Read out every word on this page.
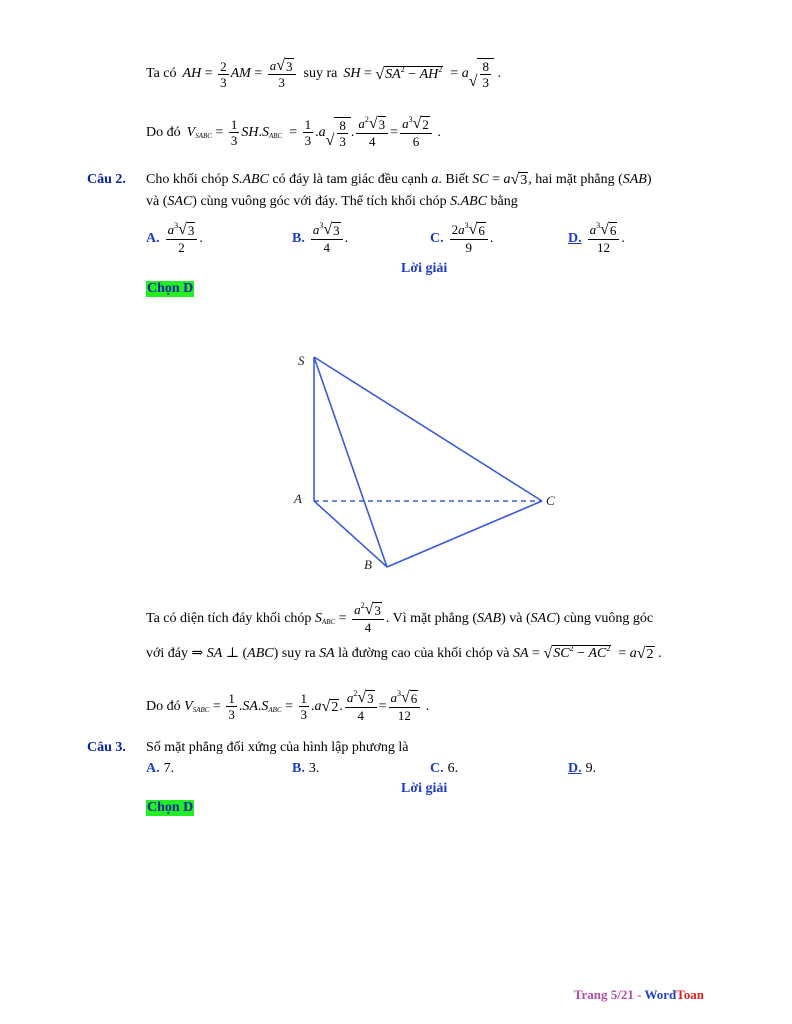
Ta có AH = $\frac{2}{3}$ AM = $\frac{a √ 3}{3}$ suy ra SH = √ $SA^2 - AH^2 = a$ √ $\frac{8}{3}$ .
Do đó V SABC = $\frac{1}{3}$ SH . S ABC = $\frac{1}{3}$ . a √ $\frac{8}{3}$ . $\frac{a^2 √ 3}{4} = \frac{a^3 √ 2}{6}$ .
Câu 2. Cho khối chóp
S.ABC
có đáy là tam giác đều cạnh
a . Biết
SC = a √ 3 , hai mặt phẳng ( SAB )
và ( SAC ) cùng vuông góc với đáy. Thể tích khối chóp
S.ABC
bằng
A. $\frac{a^3 √ 3}{2}$ .	B. $\frac{a^3 √ 3}{4}$ .	C. $\frac{2a^3 √ 6}{9}$ .	D. $\frac{a^3 √ 6}{12}$ .
Lời giải
Chọn D
S
A
B
C
Ta có diện tích đáy khối chóp
S ABC = $\frac{a^2 √ 3}{4}$ . Vì mặt phẳng ( SAB ) và ( SAC ) cùng vuông góc
với đáy ⇒ SA ⊥ ( ABC ) suy ra
SA
là đường cao của khối chóp và
SA = √ $SC^2 - AC^2 = a$ √ 2 .
Do đó
V SABC = $\frac{1}{3}$ . SA . S ABC = $\frac{1}{3}$ . a √ 2 . $\frac{a^2 √ 3}{4} = \frac{a^3 √ 6}{12}$ .
Câu 3. Số mặt phẳng đối xứng của hình lập phương là
A. 7 .	B. 3 .	C. 6 .	D. 9 .
Lời giải
Chọn D
Trang 5/21 - WordToan
